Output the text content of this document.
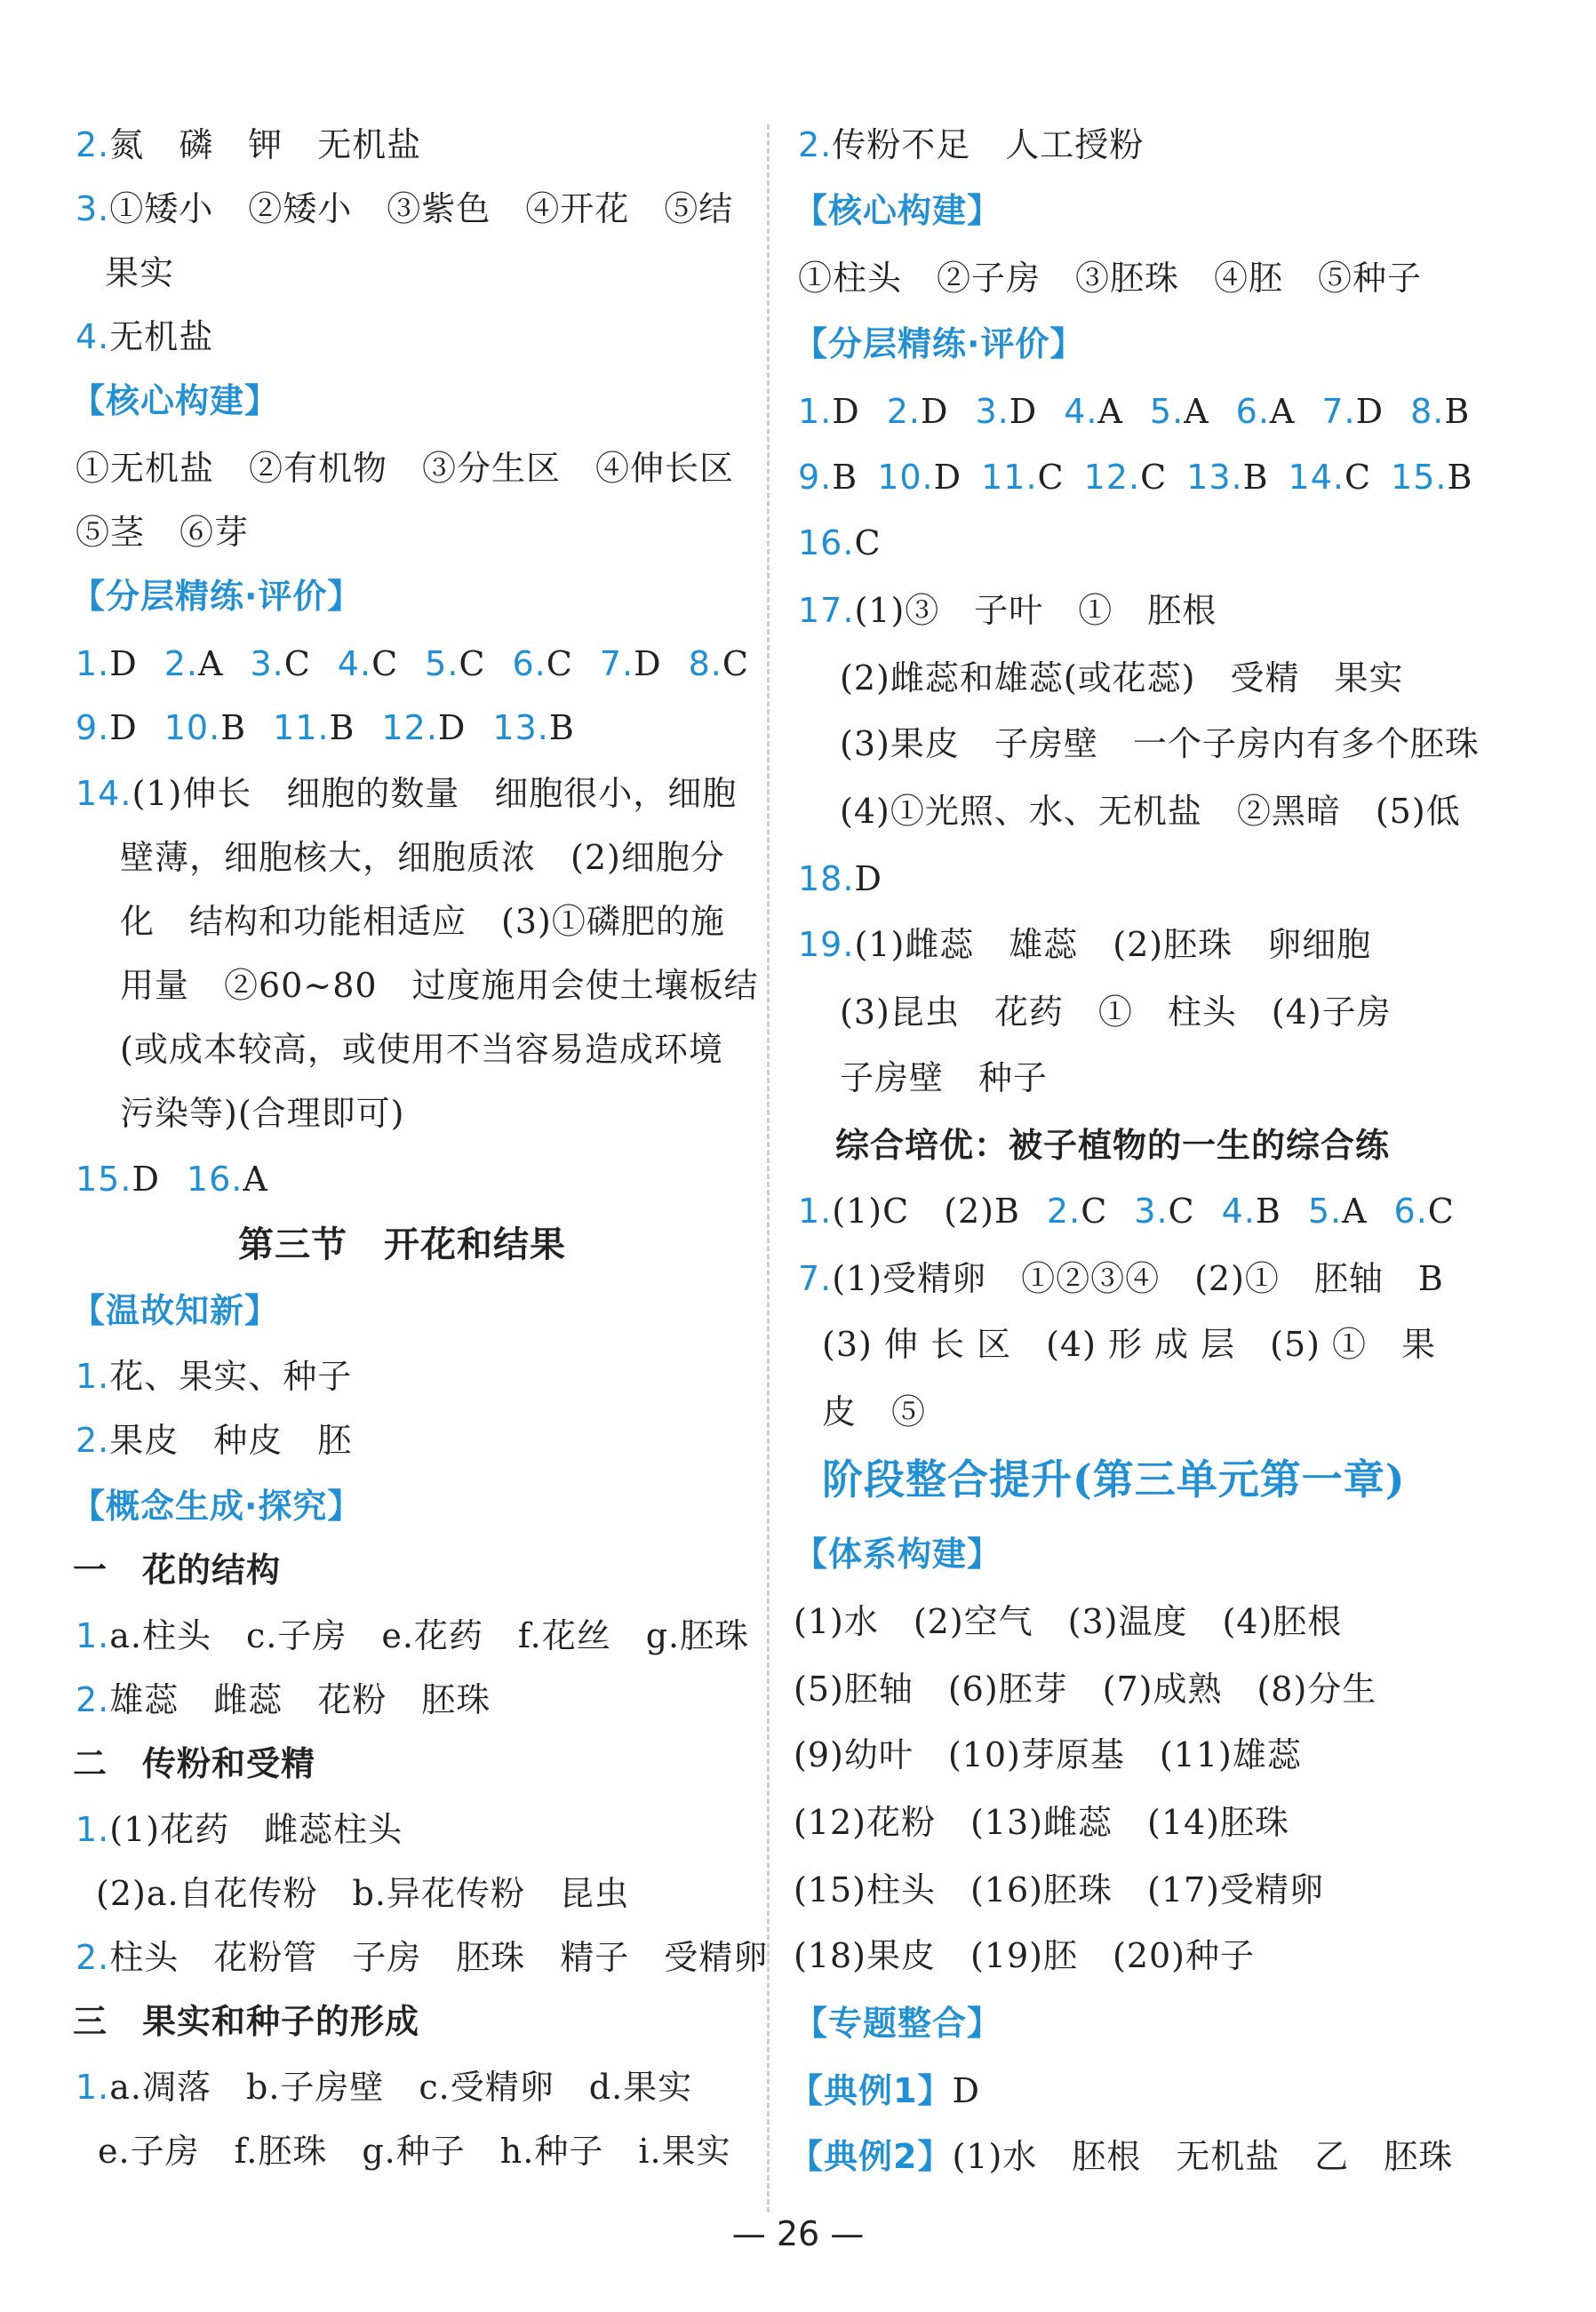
2.氮　磷　钾　无机盐
3.①矮小　②矮小　③紫色　④开花　⑤结
果实
4.无机盐
【核心构建】
①无机盐　②有机物　③分生区　④伸长区
⑤茎　⑥芽
【分层精练·评价】
1.D 2.A 3.C 4.C 5.C 6.C 7.D 8.C
9.D 10.B 11.B 12.D 13.B
14.(1)伸长　细胞的数量　细胞很小，细胞
壁薄，细胞核大，细胞质浓　(2)细胞分
化　结构和功能相适应　(3)①磷肥的施
用量　②60~80　过度施用会使土壤板结
(或成本较高，或使用不当容易造成环境
污染等)(合理即可)
15.D 16.A
第三节　开花和结果
【温故知新】
1.花、果实、种子
2.果皮　种皮　胚
【概念生成·探究】
一　花的结构
1.a.柱头　c.子房　e.花药　f.花丝　g.胚珠
2.雄蕊　雌蕊　花粉　胚珠
二　传粉和受精
1.(1)花药　雌蕊柱头
(2)a.自花传粉　b.异花传粉　昆虫
2.柱头　花粉管　子房　胚珠　精子　受精卵
三　果实和种子的形成
1.a.凋落　b.子房壁　c.受精卵　d.果实
e.子房　f.胚珠　g.种子　h.种子　i.果实
2.传粉不足　人工授粉
【核心构建】
①柱头　②子房　③胚珠　④胚　⑤种子
【分层精练·评价】
1.D 2.D 3.D 4.A 5.A 6.A 7.D 8.B
9.B 10.D 11.C 12.C 13.B 14.C 15.B
16.C
17.(1)③　子叶　①　胚根
(2)雌蕊和雄蕊(或花蕊)　受精　果实
(3)果皮　子房壁　一个子房内有多个胚珠
(4)①光照、水、无机盐　②黑暗　(5)低
18.D
19.(1)雌蕊　雄蕊　(2)胚珠　卵细胞
(3)昆虫　花药　①　柱头　(4)子房
子房壁　种子
综合培优：被子植物的一生的综合练
1.(1)C　(2)B 2.C 3.C 4.B 5.A 6.C
7.(1)受精卵　①②③④　(2)①　胚轴　B
(3) 伸 长 区　(4) 形 成 层　(5) ①　果
皮　⑤
阶段整合提升(第三单元第一章)
【体系构建】
(1)水　(2)空气　(3)温度　(4)胚根
(5)胚轴　(6)胚芽　(7)成熟　(8)分生
(9)幼叶　(10)芽原基　(11)雄蕊
(12)花粉　(13)雌蕊　(14)胚珠
(15)柱头　(16)胚珠　(17)受精卵
(18)果皮　(19)胚　(20)种子
【专题整合】
【典例1】D
【典例2】(1)水　胚根　无机盐　乙　胚珠
— 26 —
